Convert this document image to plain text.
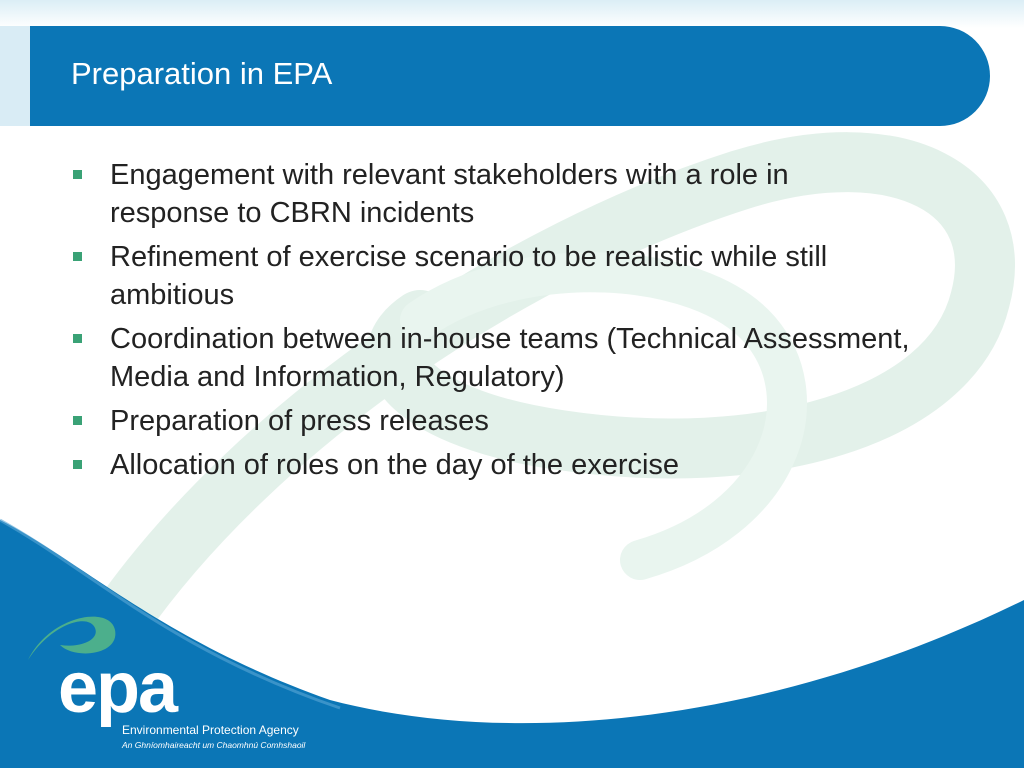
Preparation in EPA
Engagement with relevant stakeholders with a role in response to CBRN incidents
Refinement of exercise scenario to be realistic while still ambitious
Coordination between in-house teams (Technical Assessment, Media and Information, Regulatory)
Preparation of press releases
Allocation of roles on the day of the exercise
epa
Environmental Protection Agency
An Ghníomhaireacht um Chaomhnú Comhshaoil
